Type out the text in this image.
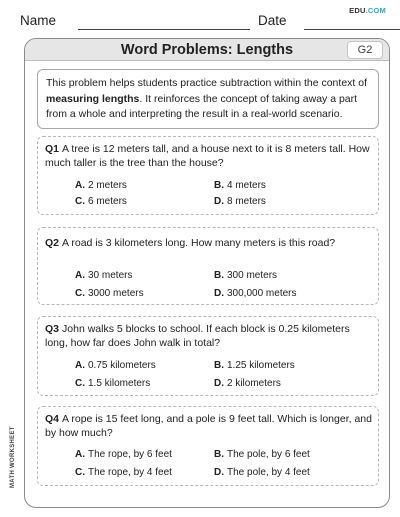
EDU.COM
Name	Date
Word Problems: Lengths	G2
This problem helps students practice subtraction within the context of measuring lengths. It reinforces the concept of taking away a part from a whole and interpreting the result in a real-world scenario.
Q1 A tree is 12 meters tall, and a house next to it is 8 meters tall. How much taller is the tree than the house?
A. 2 meters	B. 4 meters
C. 6 meters	D. 8 meters
Q2 A road is 3 kilometers long. How many meters is this road?
A. 30 meters	B. 300 meters
C. 3000 meters	D. 300,000 meters
Q3 John walks 5 blocks to school. If each block is 0.25 kilometers long, how far does John walk in total?
A. 0.75 kilometers	B. 1.25 kilometers
C. 1.5 kilometers	D. 2 kilometers
Q4 A rope is 15 feet long, and a pole is 9 feet tall. Which is longer, and by how much?
A. The rope, by 6 feet	B. The pole, by 6 feet
C. The rope, by 4 feet	D. The pole, by 4 feet
MATH WORKSHEET
